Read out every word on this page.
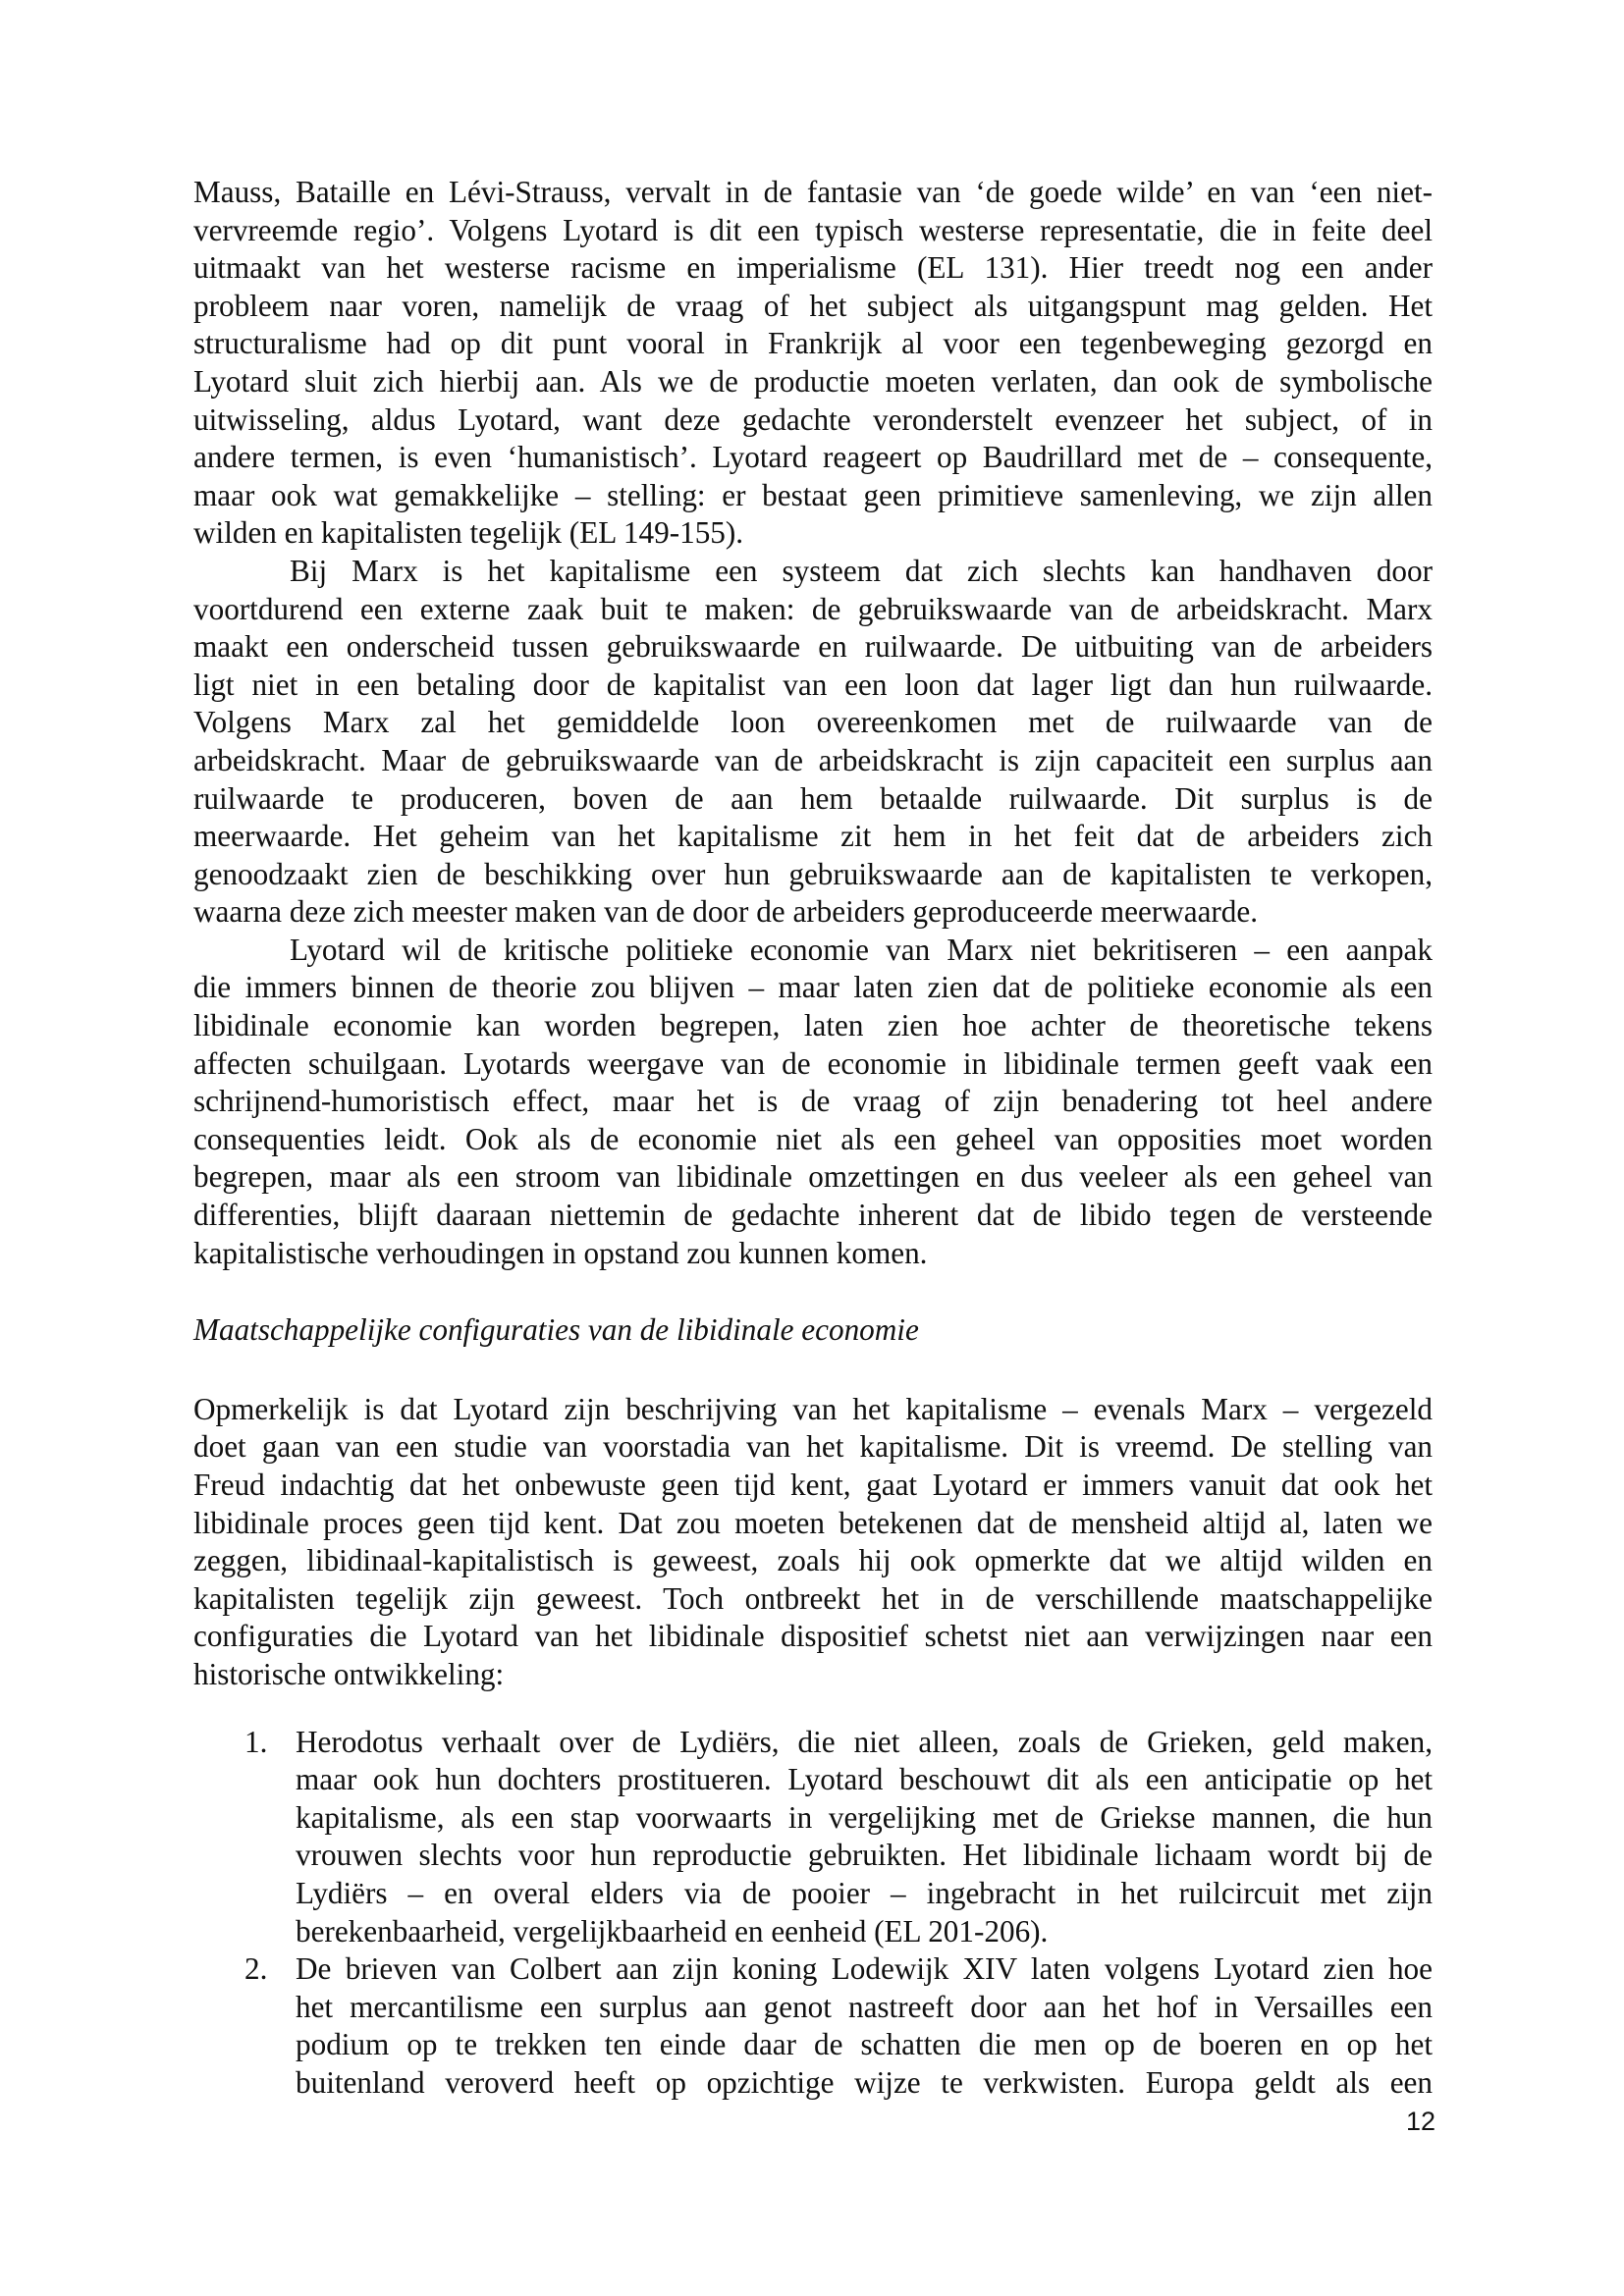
Mauss, Bataille en Lévi-Strauss, vervalt in de fantasie van ‘de goede wilde’ en van ‘een niet-
vervreemde regio’. Volgens Lyotard is dit een typisch westerse representatie, die in feite deel
uitmaakt van het westerse racisme en imperialisme (EL 131). Hier treedt nog een ander
probleem naar voren, namelijk de vraag of het subject als uitgangspunt mag gelden. Het
structuralisme had op dit punt vooral in Frankrijk al voor een tegenbeweging gezorgd en
Lyotard sluit zich hierbij aan. Als we de productie moeten verlaten, dan ook de symbolische
uitwisseling, aldus Lyotard, want deze gedachte veronderstelt evenzeer het subject, of in
andere termen, is even ‘humanistisch’. Lyotard reageert op Baudrillard met de – consequente,
maar ook wat gemakkelijke – stelling: er bestaat geen primitieve samenleving, we zijn allen
wilden en kapitalisten tegelijk (EL 149-155).
Bij Marx is het kapitalisme een systeem dat zich slechts kan handhaven door
voortdurend een externe zaak buit te maken: de gebruikswaarde van de arbeidskracht. Marx
maakt een onderscheid tussen gebruikswaarde en ruilwaarde. De uitbuiting van de arbeiders
ligt niet in een betaling door de kapitalist van een loon dat lager ligt dan hun ruilwaarde.
Volgens Marx zal het gemiddelde loon overeenkomen met de ruilwaarde van de
arbeidskracht. Maar de gebruikswaarde van de arbeidskracht is zijn capaciteit een surplus aan
ruilwaarde te produceren, boven de aan hem betaalde ruilwaarde. Dit surplus is de
meerwaarde. Het geheim van het kapitalisme zit hem in het feit dat de arbeiders zich
genoodzaakt zien de beschikking over hun gebruikswaarde aan de kapitalisten te verkopen,
waarna deze zich meester maken van de door de arbeiders geproduceerde meerwaarde.
Lyotard wil de kritische politieke economie van Marx niet bekritiseren – een aanpak
die immers binnen de theorie zou blijven – maar laten zien dat de politieke economie als een
libidinale economie kan worden begrepen, laten zien hoe achter de theoretische tekens
affecten schuilgaan. Lyotards weergave van de economie in libidinale termen geeft vaak een
schrijnend-humoristisch effect, maar het is de vraag of zijn benadering tot heel andere
consequenties leidt. Ook als de economie niet als een geheel van opposities moet worden
begrepen, maar als een stroom van libidinale omzettingen en dus veeleer als een geheel van
differenties, blijft daaraan niettemin de gedachte inherent dat de libido tegen de versteende
kapitalistische verhoudingen in opstand zou kunnen komen.
Maatschappelijke configuraties van de libidinale economie
Opmerkelijk is dat Lyotard zijn beschrijving van het kapitalisme – evenals Marx – vergezeld
doet gaan van een studie van voorstadia van het kapitalisme. Dit is vreemd. De stelling van
Freud indachtig dat het onbewuste geen tijd kent, gaat Lyotard er immers vanuit dat ook het
libidinale proces geen tijd kent. Dat zou moeten betekenen dat de mensheid altijd al, laten we
zeggen, libidinaal-kapitalistisch is geweest, zoals hij ook opmerkte dat we altijd wilden en
kapitalisten tegelijk zijn geweest. Toch ontbreekt het in de verschillende maatschappelijke
configuraties die Lyotard van het libidinale dispositief schetst niet aan verwijzingen naar een
historische ontwikkeling:
1. Herodotus verhaalt over de Lydiërs, die niet alleen, zoals de Grieken, geld maken,
maar ook hun dochters prostitueren. Lyotard beschouwt dit als een anticipatie op het
kapitalisme, als een stap voorwaarts in vergelijking met de Griekse mannen, die hun
vrouwen slechts voor hun reproductie gebruikten. Het libidinale lichaam wordt bij de
Lydiërs – en overal elders via de pooier – ingebracht in het ruilcircuit met zijn
berekenbaarheid, vergelijkbaarheid en eenheid (EL 201-206).
2. De brieven van Colbert aan zijn koning Lodewijk XIV laten volgens Lyotard zien hoe
het mercantilisme een surplus aan genot nastreeft door aan het hof in Versailles een
podium op te trekken ten einde daar de schatten die men op de boeren en op het
buitenland veroverd heeft op opzichtige wijze te verkwisten. Europa geldt als een
12
